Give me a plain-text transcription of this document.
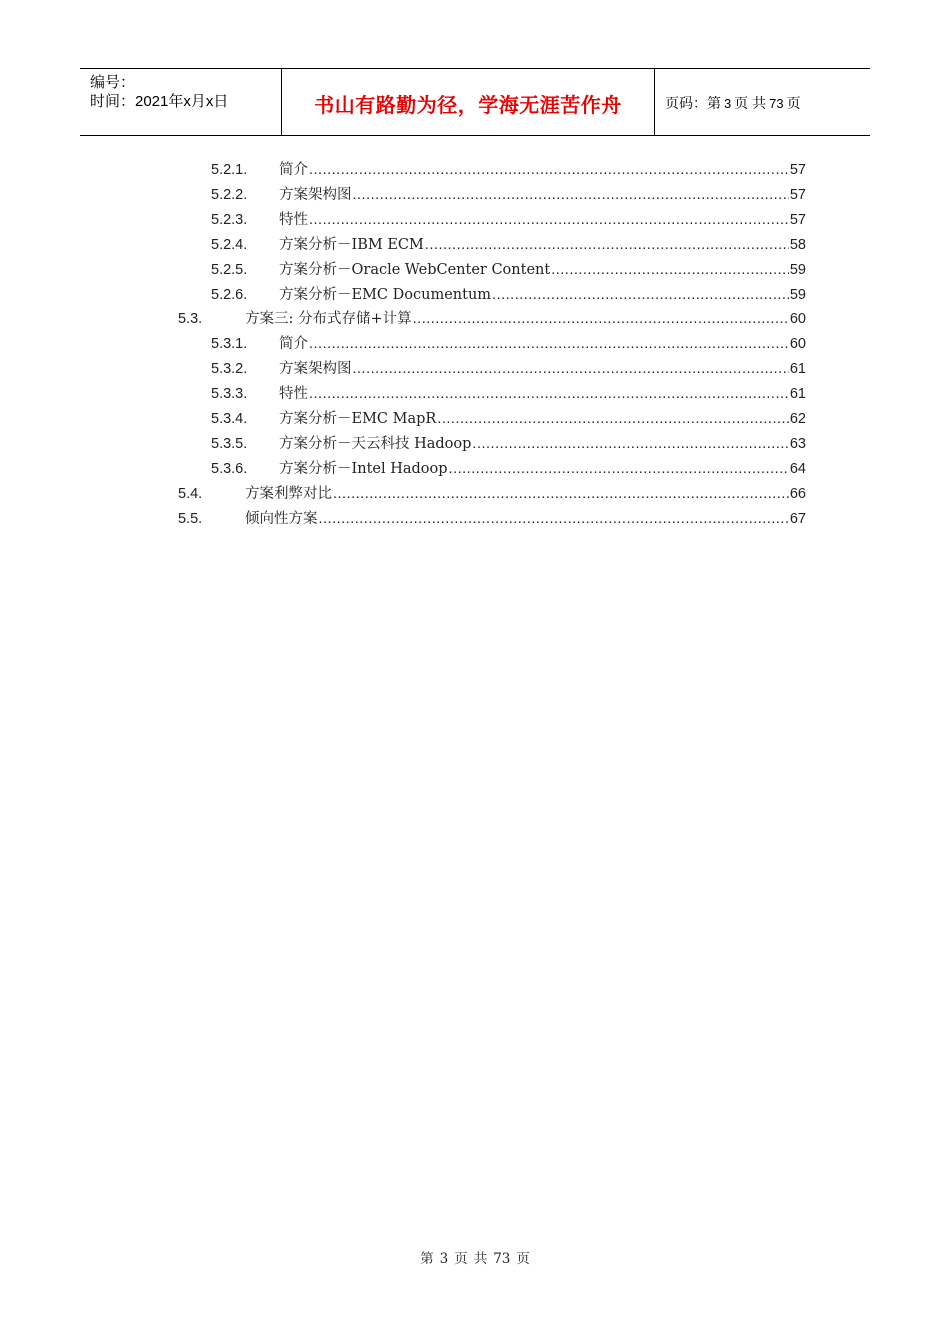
编号：
时间：2021年x月x日	书山有路勤为径，学海无涯苦作舟	页码：第 3 页 共 73 页
5.2.1.	简介 .....	57
5.2.2.	方案架构图 .....	57
5.2.3.	特性 .....	57
5.2.4.	方案分析－IBM ECM .....	58
5.2.5.	方案分析－Oracle WebCenter Content .....	59
5.2.6.	方案分析－EMC Documentum .....	59
5.3.	方案三: 分布式存储+计算 .....	60
5.3.1.	简介 .....	60
5.3.2.	方案架构图 .....	61
5.3.3.	特性 .....	61
5.3.4.	方案分析－EMC MapR .....	62
5.3.5.	方案分析－天云科技 Hadoop .....	63
5.3.6.	方案分析－Intel Hadoop .....	64
5.4.	方案利弊对比 .....	66
5.5.	倾向性方案 .....	67
第 3 页 共 73 页
